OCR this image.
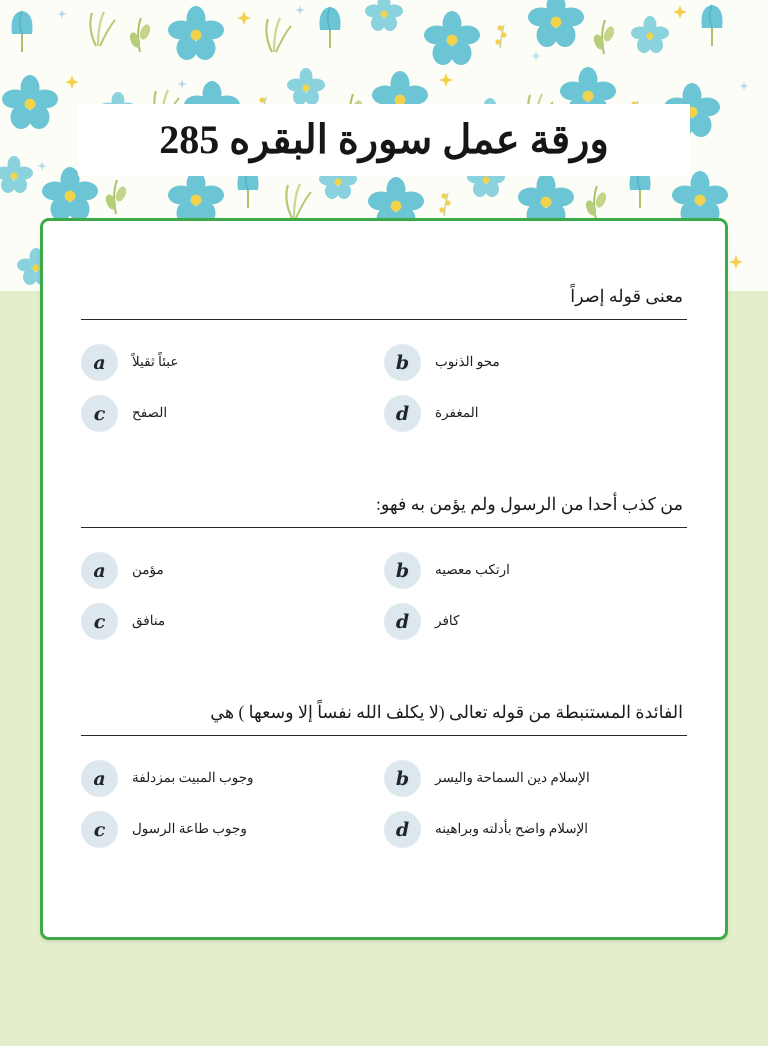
ورقة عمل سورة البقره 285
معنى قوله إصراً
a	عبئاً ثقيلاً	b	محو الذنوب
c	الصفح	d	المغفرة
من كذب أحدا من الرسول ولم يؤمن به فهو:
a	مؤمن	b	ارتكب معصيه
c	منافق	d	كافر
الفائدة المستنبطة من قوله تعالى (لا يكلف الله نفساً إلا وسعها ) هي
a	وجوب المبيت بمزدلفة	b	الإسلام دين السماحة واليسر
c	وجوب طاعة الرسول	d	الإسلام واضح بأدلته وبراهينه
